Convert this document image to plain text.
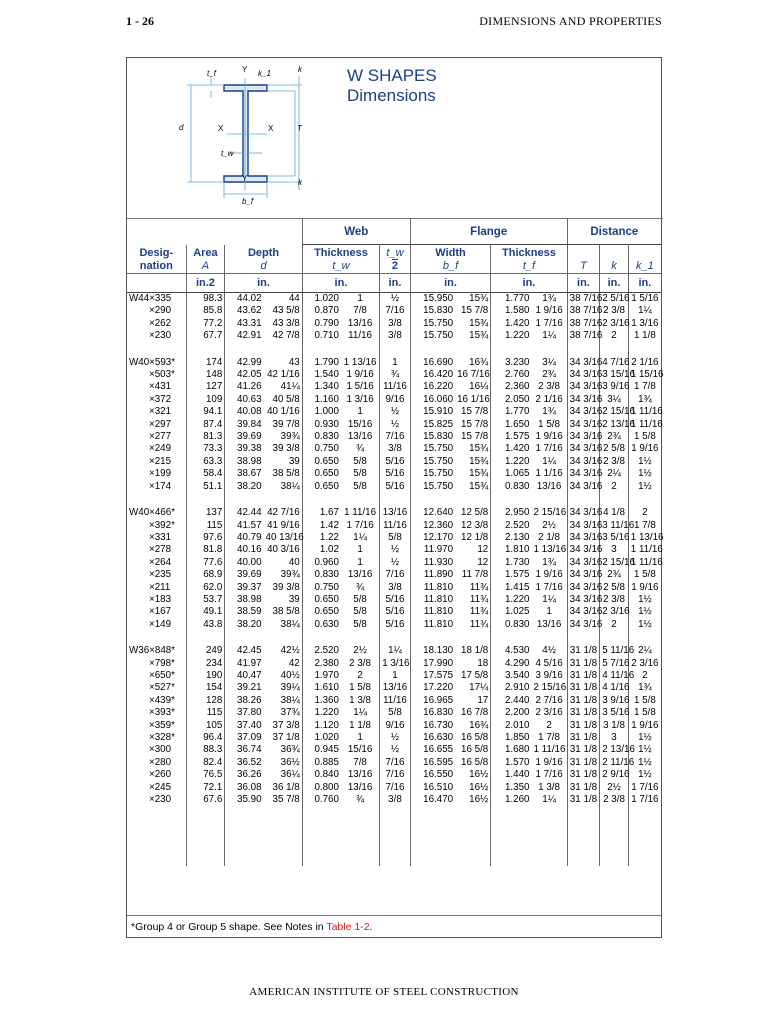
1 - 26	DIMENSIONS AND PROPERTIES
t_f	Y k_1	k
d	X	X	T
t_w
Y	k
b_f
W SHAPES
Dimensions
				Web			Flange				Distance		
Desig-
nation	Area
A	Depth
d		Thickness
t_w		t_w
2	Width
b_f		Thickness
t_f		T	k	k_1
	in.2	in.		in.		in.	in.		in.		in.	in.	in.
W44×335	98.3	44.02	44	1.020	1	½	15.950	15¾	1.770	1¾	38 7/16	2 5/16	1 5/16
×290	85.8	43.62	43 5/8	0.870	7/8	7/16	15.830	15 7/8	1.580	1 9/16	38 7/16	2 3/8	1¼
×262	77.2	43.31	43 3/8	0.790	13/16	3/8	15.750	15¾	1.420	1 7/16	38 7/16	2 3/16	1 3/16
×230	67.7	42.91	42 7/8	0.710	11/16	3/8	15.750	15¾	1.220	1¼	38 7/16	2	1 1/8

W40×593*	174	42.99	43	1.790	1 13/16	1	16.690	16¾	3.230	3¼	34 3/16	4 7/16	2 1/16
×503*	148	42.05	42 1/16	1.540	1 9/16	¾	16.420	16 7/16	2.760	2¾	34 3/16	3 15/16	1 15/16
×431	127	41.26	41¼	1.340	1 5/16	11/16	16.220	16¼	2.360	2 3/8	34 3/16	3 9/16	1 7/8
×372	109	40.63	40 5/8	1.160	1 3/16	9/16	16.060	16 1/16	2.050	2 1/16	34 3/16	3¼	1¾
×321	94.1	40.08	40 1/16	1.000	1	½	15.910	15 7/8	1.770	1¾	34 3/16	2 15/16	1 11/16
×297	87.4	39.84	39 7/8	0.930	15/16	½	15.825	15 7/8	1.650	1 5/8	34 3/16	2 13/16	1 11/16
×277	81.3	39.69	39¾	0.830	13/16	7/16	15.830	15 7/8	1.575	1 9/16	34 3/16	2¾	1 5/8
×249	73.3	39.38	39 3/8	0.750	¾	3/8	15.750	15¾	1.420	1 7/16	34 3/16	2 5/8	1 9/16
×215	63.3	38.98	39	0.650	5/8	5/16	15.750	15¾	1.220	1¼	34 3/16	2 3/8	1½
×199	58.4	38.67	38 5/8	0.650	5/8	5/16	15.750	15¾	1.065	1 1/16	34 3/16	2¼	1½
×174	51.1	38.20	38¼	0.650	5/8	5/16	15.750	15¾	0.830	13/16	34 3/16	2	1½

W40×466*	137	42.44	42 7/16	1.67	1 11/16	13/16	12.640	12 5/8	2.950	2 15/16	34 3/16	4 1/8	2
×392*	115	41.57	41 9/16	1.42	1 7/16	11/16	12.360	12 3/8	2.520	2½	34 3/16	3 11/16	1 7/8
×331	97.6	40.79	40 13/16	1.22	1¼	5/8	12.170	12 1/8	2.130	2 1/8	34 3/16	3 5/16	1 13/16
×278	81.8	40.16	40 3/16	1.02	1	½	11.970	12	1.810	1 13/16	34 3/16	3	1 11/16
×264	77.6	40.00	40	0.960	1	½	11.930	12	1.730	1¾	34 3/16	2 15/16	1 11/16
×235	68.9	39.69	39¾	0.830	13/16	7/16	11.890	11 7/8	1.575	1 9/16	34 3/16	2¾	1 5/8
×211	62.0	39.37	39 3/8	0.750	¾	3/8	11.810	11¾	1.415	1 7/16	34 3/16	2 5/8	1 9/16
×183	53.7	38.98	39	0.650	5/8	5/16	11.810	11¾	1.220	1¼	34 3/16	2 3/8	1½
×167	49.1	38.59	38 5/8	0.650	5/8	5/16	11.810	11¾	1.025	1	34 3/16	2 3/16	1½
×149	43.8	38.20	38¼	0.630	5/8	5/16	11.810	11¾	0.830	13/16	34 3/16	2	1½

W36×848*	249	42.45	42½	2.520	2½	1¼	18.130	18 1/8	4.530	4½	31 1/8	5 11/16	2¼
×798*	234	41.97	42	2.380	2 3/8	1 3/16	17.990	18	4.290	4 5/16	31 1/8	5 7/16	2 3/16
×650*	190	40.47	40½	1.970	2	1	17.575	17 5/8	3.540	3 9/16	31 1/8	4 11/16	2
×527*	154	39.21	39¼	1.610	1 5/8	13/16	17.220	17¼	2.910	2 15/16	31 1/8	4 1/16	1¾
×439*	128	38.26	38¼	1.360	1 3/8	11/16	16.965	17	2.440	2 7/16	31 1/8	3 9/16	1 5/8
×393*	115	37.80	37¾	1.220	1¼	5/8	16.830	16 7/8	2.200	2 3/16	31 1/8	3 5/16	1 5/8
×359*	105	37.40	37 3/8	1.120	1 1/8	9/16	16.730	16¾	2.010	2	31 1/8	3 1/8	1 9/16
×328*	96.4	37.09	37 1/8	1.020	1	½	16.630	16 5/8	1.850	1 7/8	31 1/8	3	1½
×300	88.3	36.74	36¾	0.945	15/16	½	16.655	16 5/8	1.680	1 11/16	31 1/8	2 13/16	1½
×280	82.4	36.52	36½	0.885	7/8	7/16	16.595	16 5/8	1.570	1 9/16	31 1/8	2 11/16	1½
×260	76.5	36.26	36¼	0.840	13/16	7/16	16.550	16½	1.440	1 7/16	31 1/8	2 9/16	1½
×245	72.1	36.08	36 1/8	0.800	13/16	7/16	16.510	16½	1.350	1 3/8	31 1/8	2½	1 7/16
×230	67.6	35.90	35 7/8	0.760	¾	3/8	16.470	16½	1.260	1¼	31 1/8	2 3/8	1 7/16

*Group 4 or Group 5 shape. See Notes in Table 1-2.
AMERICAN INSTITUTE OF STEEL CONSTRUCTION
